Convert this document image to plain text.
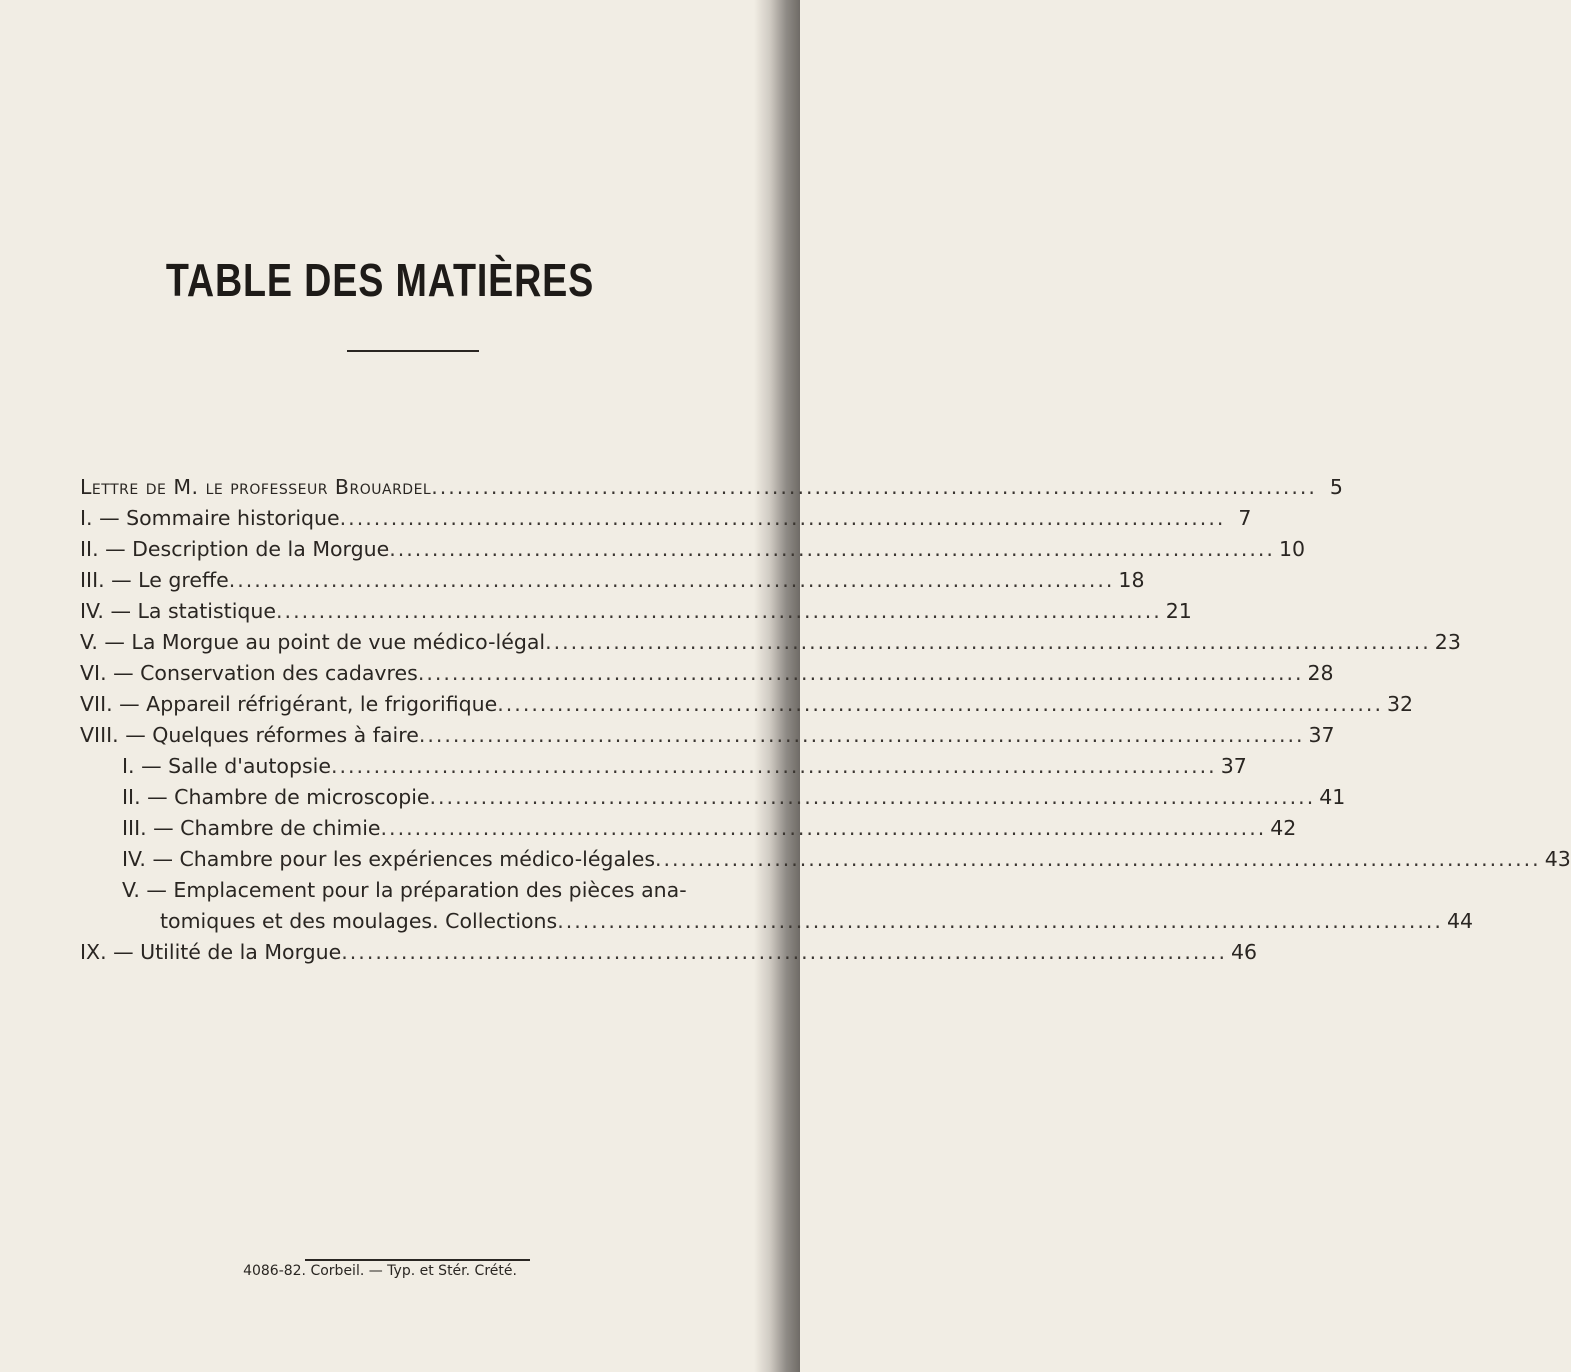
TABLE DES MATIÈRES
Lettre de M. le professeur Brouardel .....	5
I. — Sommaire historique .....	7
II. — Description de la Morgue .....	10
III. — Le greffe .....	18
IV. — La statistique .....	21
V. — La Morgue au point de vue médico-légal .....	23
VI. — Conservation des cadavres .....	28
VII. — Appareil réfrigérant, le frigorifique .....	32
VIII. — Quelques réformes à faire .....	37
I. — Salle d'autopsie .....	37
II. — Chambre de microscopie .....	41
III. — Chambre de chimie .....	42
IV. — Chambre pour les expériences médico-légales .....	43
V. — Emplacement pour la préparation des pièces ana-
tomiques et des moulages. Collections .....	44
IX. — Utilité de la Morgue .....	46
4086-82. Corbeil. — Typ. et Stér. Crété.
